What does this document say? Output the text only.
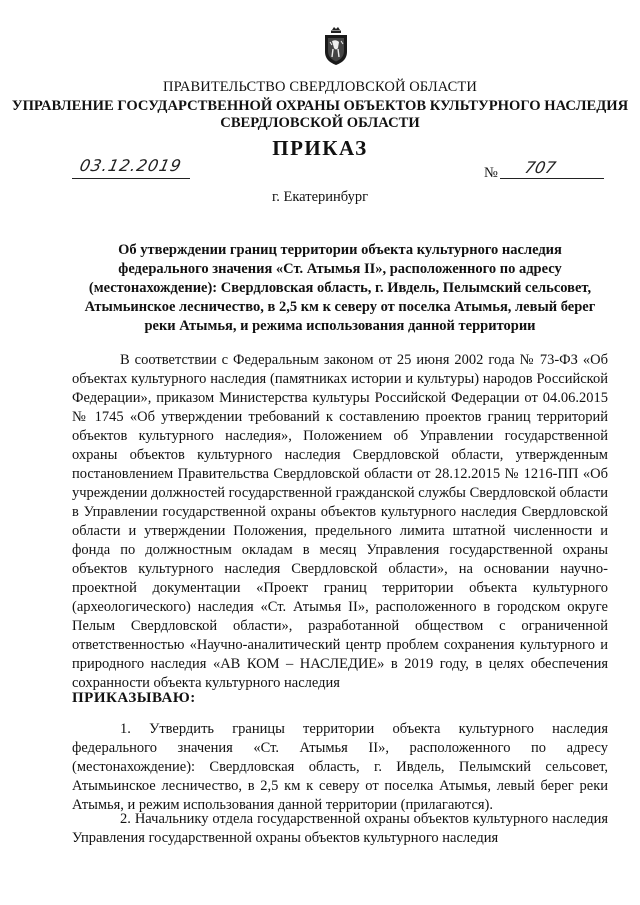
ПРАВИТЕЛЬСТВО СВЕРДЛОВСКОЙ ОБЛАСТИ
УПРАВЛЕНИЕ ГОСУДАРСТВЕННОЙ ОХРАНЫ ОБЪЕКТОВ КУЛЬТУРНОГО НАСЛЕДИЯ
СВЕРДЛОВСКОЙ ОБЛАСТИ
ПРИКАЗ
03.12.2019	№ 707
г. Екатеринбург
Об утверждении границ территории объекта культурного наследия федерального значения «Ст. Атымья II», расположенного по адресу (местонахождение): Свердловская область, г. Ивдель, Пелымский сельсовет, Атымьинское лесничество, в 2,5 км к северу от поселка Атымья, левый берег реки Атымья, и режима использования данной территории
В соответствии с Федеральным законом от 25 июня 2002 года № 73-ФЗ «Об объектах культурного наследия (памятниках истории и культуры) народов Российской Федерации», приказом Министерства культуры Российской Федерации от 04.06.2015 № 1745 «Об утверждении требований к составлению проектов границ территорий объектов культурного наследия», Положением об Управлении государственной охраны объектов культурного наследия Свердловской области, утвержденным постановлением Правительства Свердловской области от 28.12.2015 № 1216-ПП «Об учреждении должностей государственной гражданской службы Свердловской области в Управлении государственной охраны объектов культурного наследия Свердловской области и утверждении Положения, предельного лимита штатной численности и фонда по должностным окладам в месяц Управления государственной охраны объектов культурного наследия Свердловской области», на основании научно-проектной документации «Проект границ территории объекта культурного (археологического) наследия «Ст. Атымья II», расположенного в городском округе Пелым Свердловской области», разработанной обществом с ограниченной ответственностью «Научно-аналитический центр проблем сохранения культурного и природного наследия «АВ КОМ – НАСЛЕДИЕ» в 2019 году, в целях обеспечения сохранности объекта культурного наследия
ПРИКАЗЫВАЮ:
1. Утвердить границы территории объекта культурного наследия федерального значения «Ст. Атымья II», расположенного по адресу (местонахождение): Свердловская область, г. Ивдель, Пелымский сельсовет, Атымьинское лесничество, в 2,5 км к северу от поселка Атымья, левый берег реки Атымья, и режим использования данной территории (прилагаются).
2. Начальнику отдела государственной охраны объектов культурного наследия Управления государственной охраны объектов культурного наследия
